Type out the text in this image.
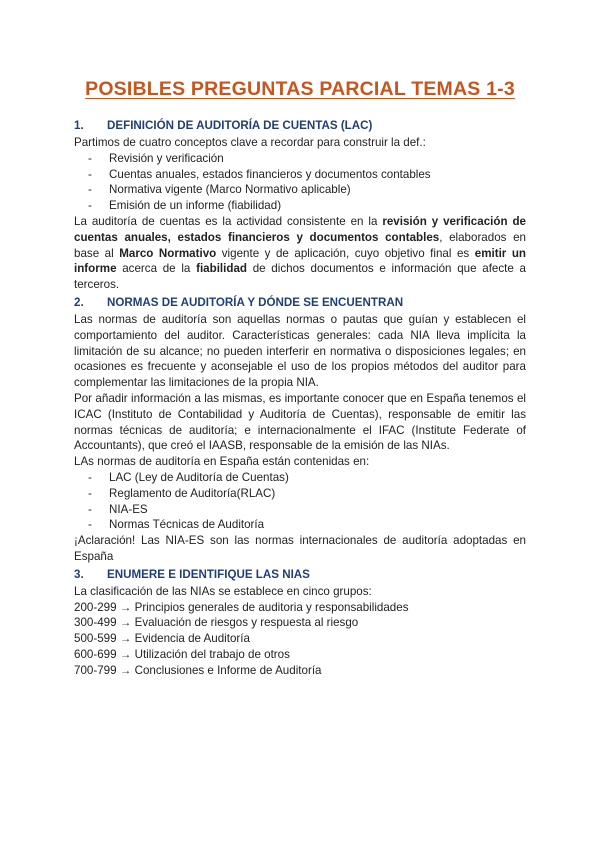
POSIBLES PREGUNTAS PARCIAL TEMAS 1-3
1.	DEFINICIÓN DE AUDITORÍA DE CUENTAS (LAC)

Partimos de cuatro conceptos clave a recordar para construir la def.:

- Revisión y verificación
- Cuentas anuales, estados financieros y documentos contables
- Normativa vigente (Marco Normativo aplicable)
- Emisión de un informe (fiabilidad)

La auditoría de cuentas es la actividad consistente en la revisión y verificación de cuentas anuales, estados financieros y documentos contables, elaborados en base al Marco Normativo vigente y de aplicación, cuyo objetivo final es emitir un informe acerca de la fiabilidad de dichos documentos e información que afecte a terceros.

2.	NORMAS DE AUDITORÍA Y DÓNDE SE ENCUENTRAN

Las normas de auditoría son aquellas normas o pautas que guían y establecen el comportamiento del auditor. Características generales: cada NIA lleva implícita la limitación de su alcance; no pueden interferir en normativa o disposiciones legales; en ocasiones es frecuente y aconsejable el uso de los propios métodos del auditor para complementar las limitaciones de la propia NIA.

Por añadir información a las mismas, es importante conocer que en España tenemos el ICAC (Instituto de Contabilidad y Auditoría de Cuentas), responsable de emitir las normas técnicas de auditoría; e internacionalmente el IFAC (Institute Federate of Accountants), que creó el IAASB, responsable de la emisión de las NIAs.

LAs normas de auditoría en España están contenidas en:

- LAC (Ley de Auditoría de Cuentas)
- Reglamento de Auditoría(RLAC)
- NIA-ES
- Normas Técnicas de Auditoría

¡Aclaración! Las NIA-ES son las normas internacionales de auditoría adoptadas en España

3.	ENUMERE E IDENTIFIQUE LAS NIAS

La clasificación de las NIAs se establece en cinco grupos:

200-299 → Principios generales de auditoria y responsabilidades

300-499 → Evaluación de riesgos y respuesta al riesgo

500-599 → Evidencia de Auditoría

600-699 → Utilización del trabajo de otros

700-799 → Conclusiones e Informe de Auditoría
